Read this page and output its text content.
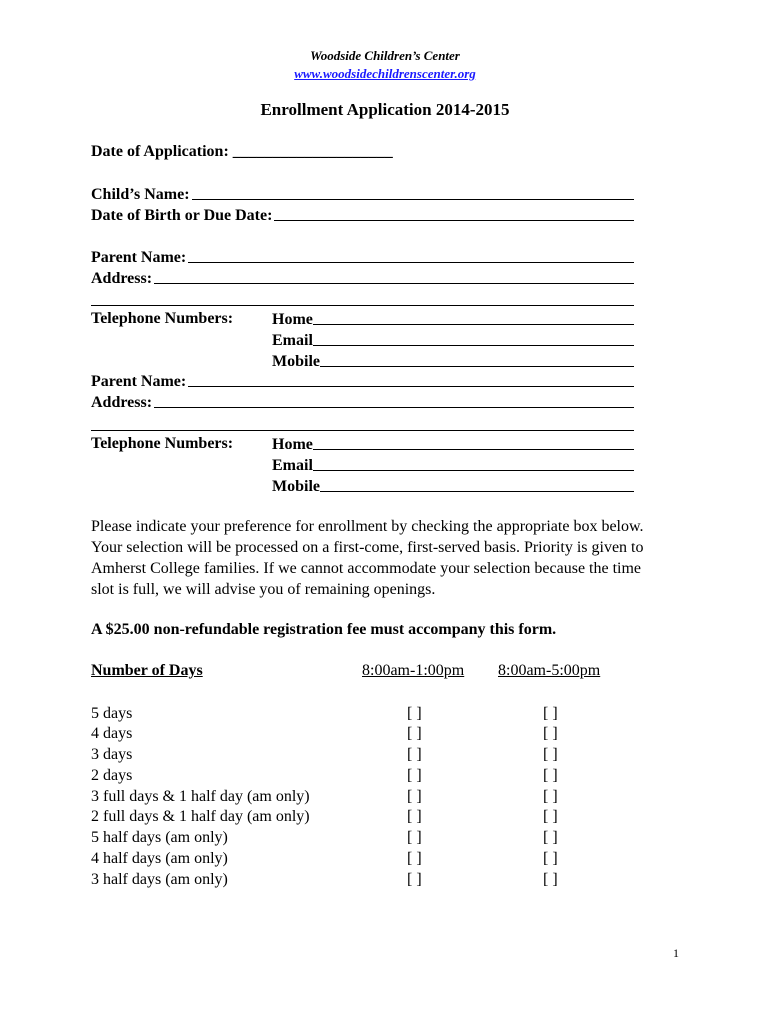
Woodside Children’s Center
www.woodsidechildrenscenter.org
Enrollment Application 2014-2015
Date of Application: ____________________
Child’s Name:
Date of Birth or Due Date:
Parent Name:
Address:
Telephone Numbers: Home
Email
Mobile
Parent Name:
Address:
Telephone Numbers: Home
Email
Mobile
Please indicate your preference for enrollment by checking the appropriate box below. Your selection will be processed on a first-come, first-served basis. Priority is given to Amherst College families. If we cannot accommodate your selection because the time slot is full, we will advise you of remaining openings.
A $25.00 non-refundable registration fee must accompany this form.
Number of Days	8:00am-1:00pm 8:00am-5:00pm
5 days	[ ]	[ ]
4 days	[ ]	[ ]
3 days	[ ]	[ ]
2 days	[ ]	[ ]
3 full days & 1 half day (am only)	[ ]	[ ]
2 full days & 1 half day (am only)	[ ]	[ ]
5 half days (am only)	[ ]	[ ]
4 half days (am only)	[ ]	[ ]
3 half days (am only)	[ ]	[ ]
1
